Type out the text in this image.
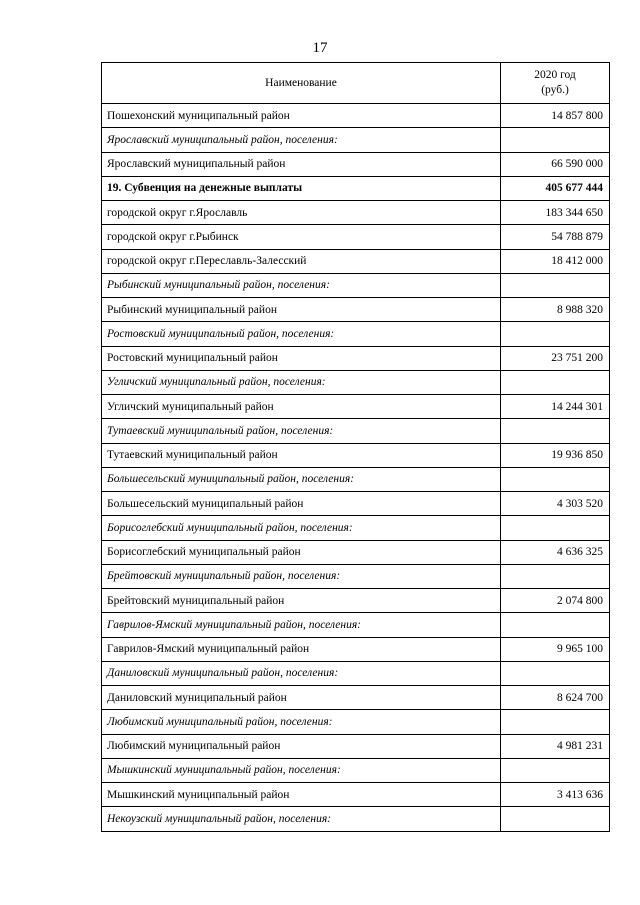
17
Наименование	2020 год
(руб.)
Пошехонский муниципальный район	14 857 800
Ярославский муниципальный район, поселения:	
Ярославский муниципальный район	66 590 000
19. Субвенция на денежные выплаты	405 677 444
городской округ г.Ярославль	183 344 650
городской округ г.Рыбинск	54 788 879
городской округ г.Переславль-Залесский	18 412 000
Рыбинский муниципальный район, поселения:	
Рыбинский муниципальный район	8 988 320
Ростовский муниципальный район, поселения:	
Ростовский муниципальный район	23 751 200
Угличский муниципальный район, поселения:	
Угличский муниципальный район	14 244 301
Тутаевский муниципальный район, поселения:	
Тутаевский муниципальный район	19 936 850
Большесельский муниципальный район, поселения:	
Большесельский муниципальный район	4 303 520
Борисоглебский муниципальный район, поселения:	
Борисоглебский муниципальный район	4 636 325
Брейтовский муниципальный район, поселения:	
Брейтовский муниципальный район	2 074 800
Гаврилов-Ямский муниципальный район, поселения:	
Гаврилов-Ямский муниципальный район	9 965 100
Даниловский муниципальный район, поселения:	
Даниловский муниципальный район	8 624 700
Любимский муниципальный район, поселения:	
Любимский муниципальный район	4 981 231
Мышкинский муниципальный район, поселения:	
Мышкинский муниципальный район	3 413 636
Некоузский муниципальный район, поселения:	
